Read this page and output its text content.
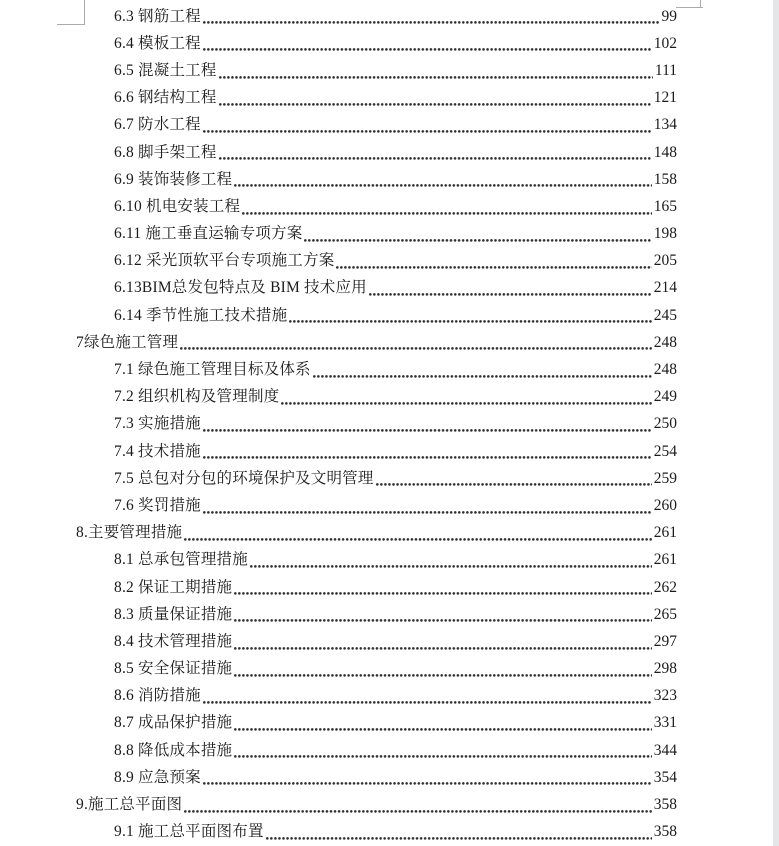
6.3 钢筋工程	99
6.4 模板工程	102
6.5 混凝土工程	111
6.6 钢结构工程	121
6.7 防水工程	134
6.8 脚手架工程	148
6.9 装饰装修工程	158
6.10 机电安装工程	165
6.11 施工垂直运输专项方案	198
6.12 采光顶软平台专项施工方案	205
6.13BIM总发包特点及 BIM 技术应用	214
6.14 季节性施工技术措施	245
7绿色施工管理	248
7.1 绿色施工管理目标及体系	248
7.2 组织机构及管理制度	249
7.3 实施措施	250
7.4 技术措施	254
7.5 总包对分包的环境保护及文明管理	259
7.6 奖罚措施	260
8.主要管理措施	261
8.1 总承包管理措施	261
8.2 保证工期措施	262
8.3 质量保证措施	265
8.4 技术管理措施	297
8.5 安全保证措施	298
8.6 消防措施	323
8.7 成品保护措施	331
8.8 降低成本措施	344
8.9 应急预案	354
9.施工总平面图	358
9.1 施工总平面图布置	358
